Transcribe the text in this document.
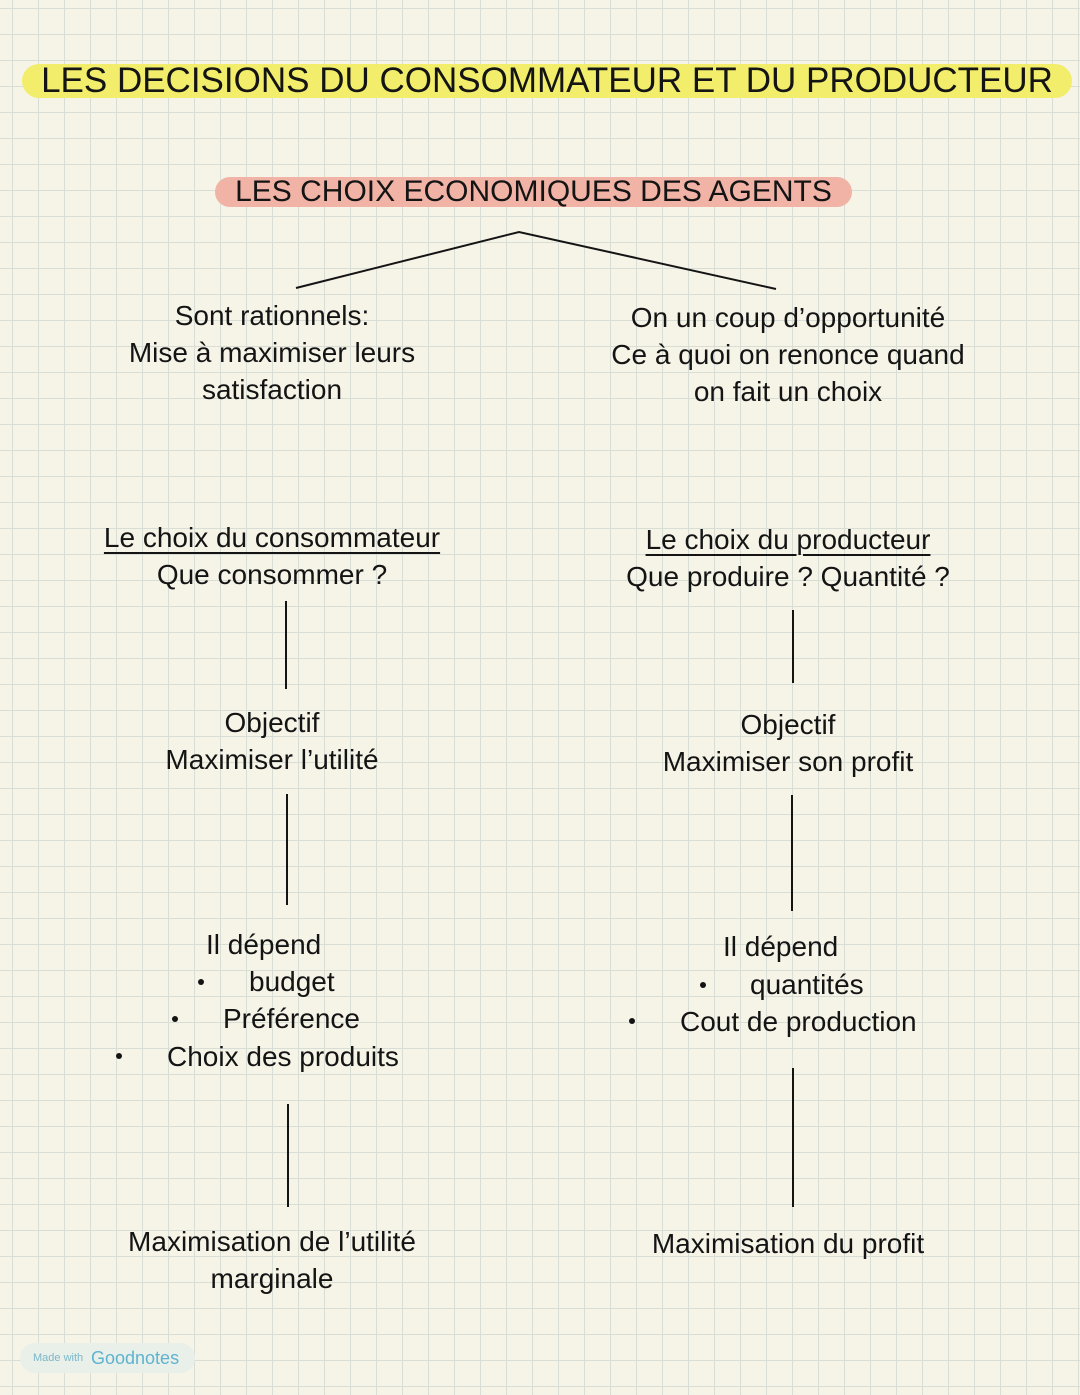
LES DECISIONS DU CONSOMMATEUR ET DU PRODUCTEUR
LES CHOIX ECONOMIQUES DES AGENTS
Sont rationnels:
Mise à maximiser leurs
satisfaction
On un coup d’opportunité
Ce à quoi on renonce quand
on fait un choix
Le choix du consommateur
Que consommer ?
Objectif
Maximiser l’utilité
Il dépend
budget
Préférence
Choix des produits
Maximisation de l’utilité
marginale
Le choix du producteur
Que produire ? Quantité ?
Objectif
Maximiser son profit
Il dépend
quantités
Cout de production
Maximisation du profit
Made with Goodnotes
